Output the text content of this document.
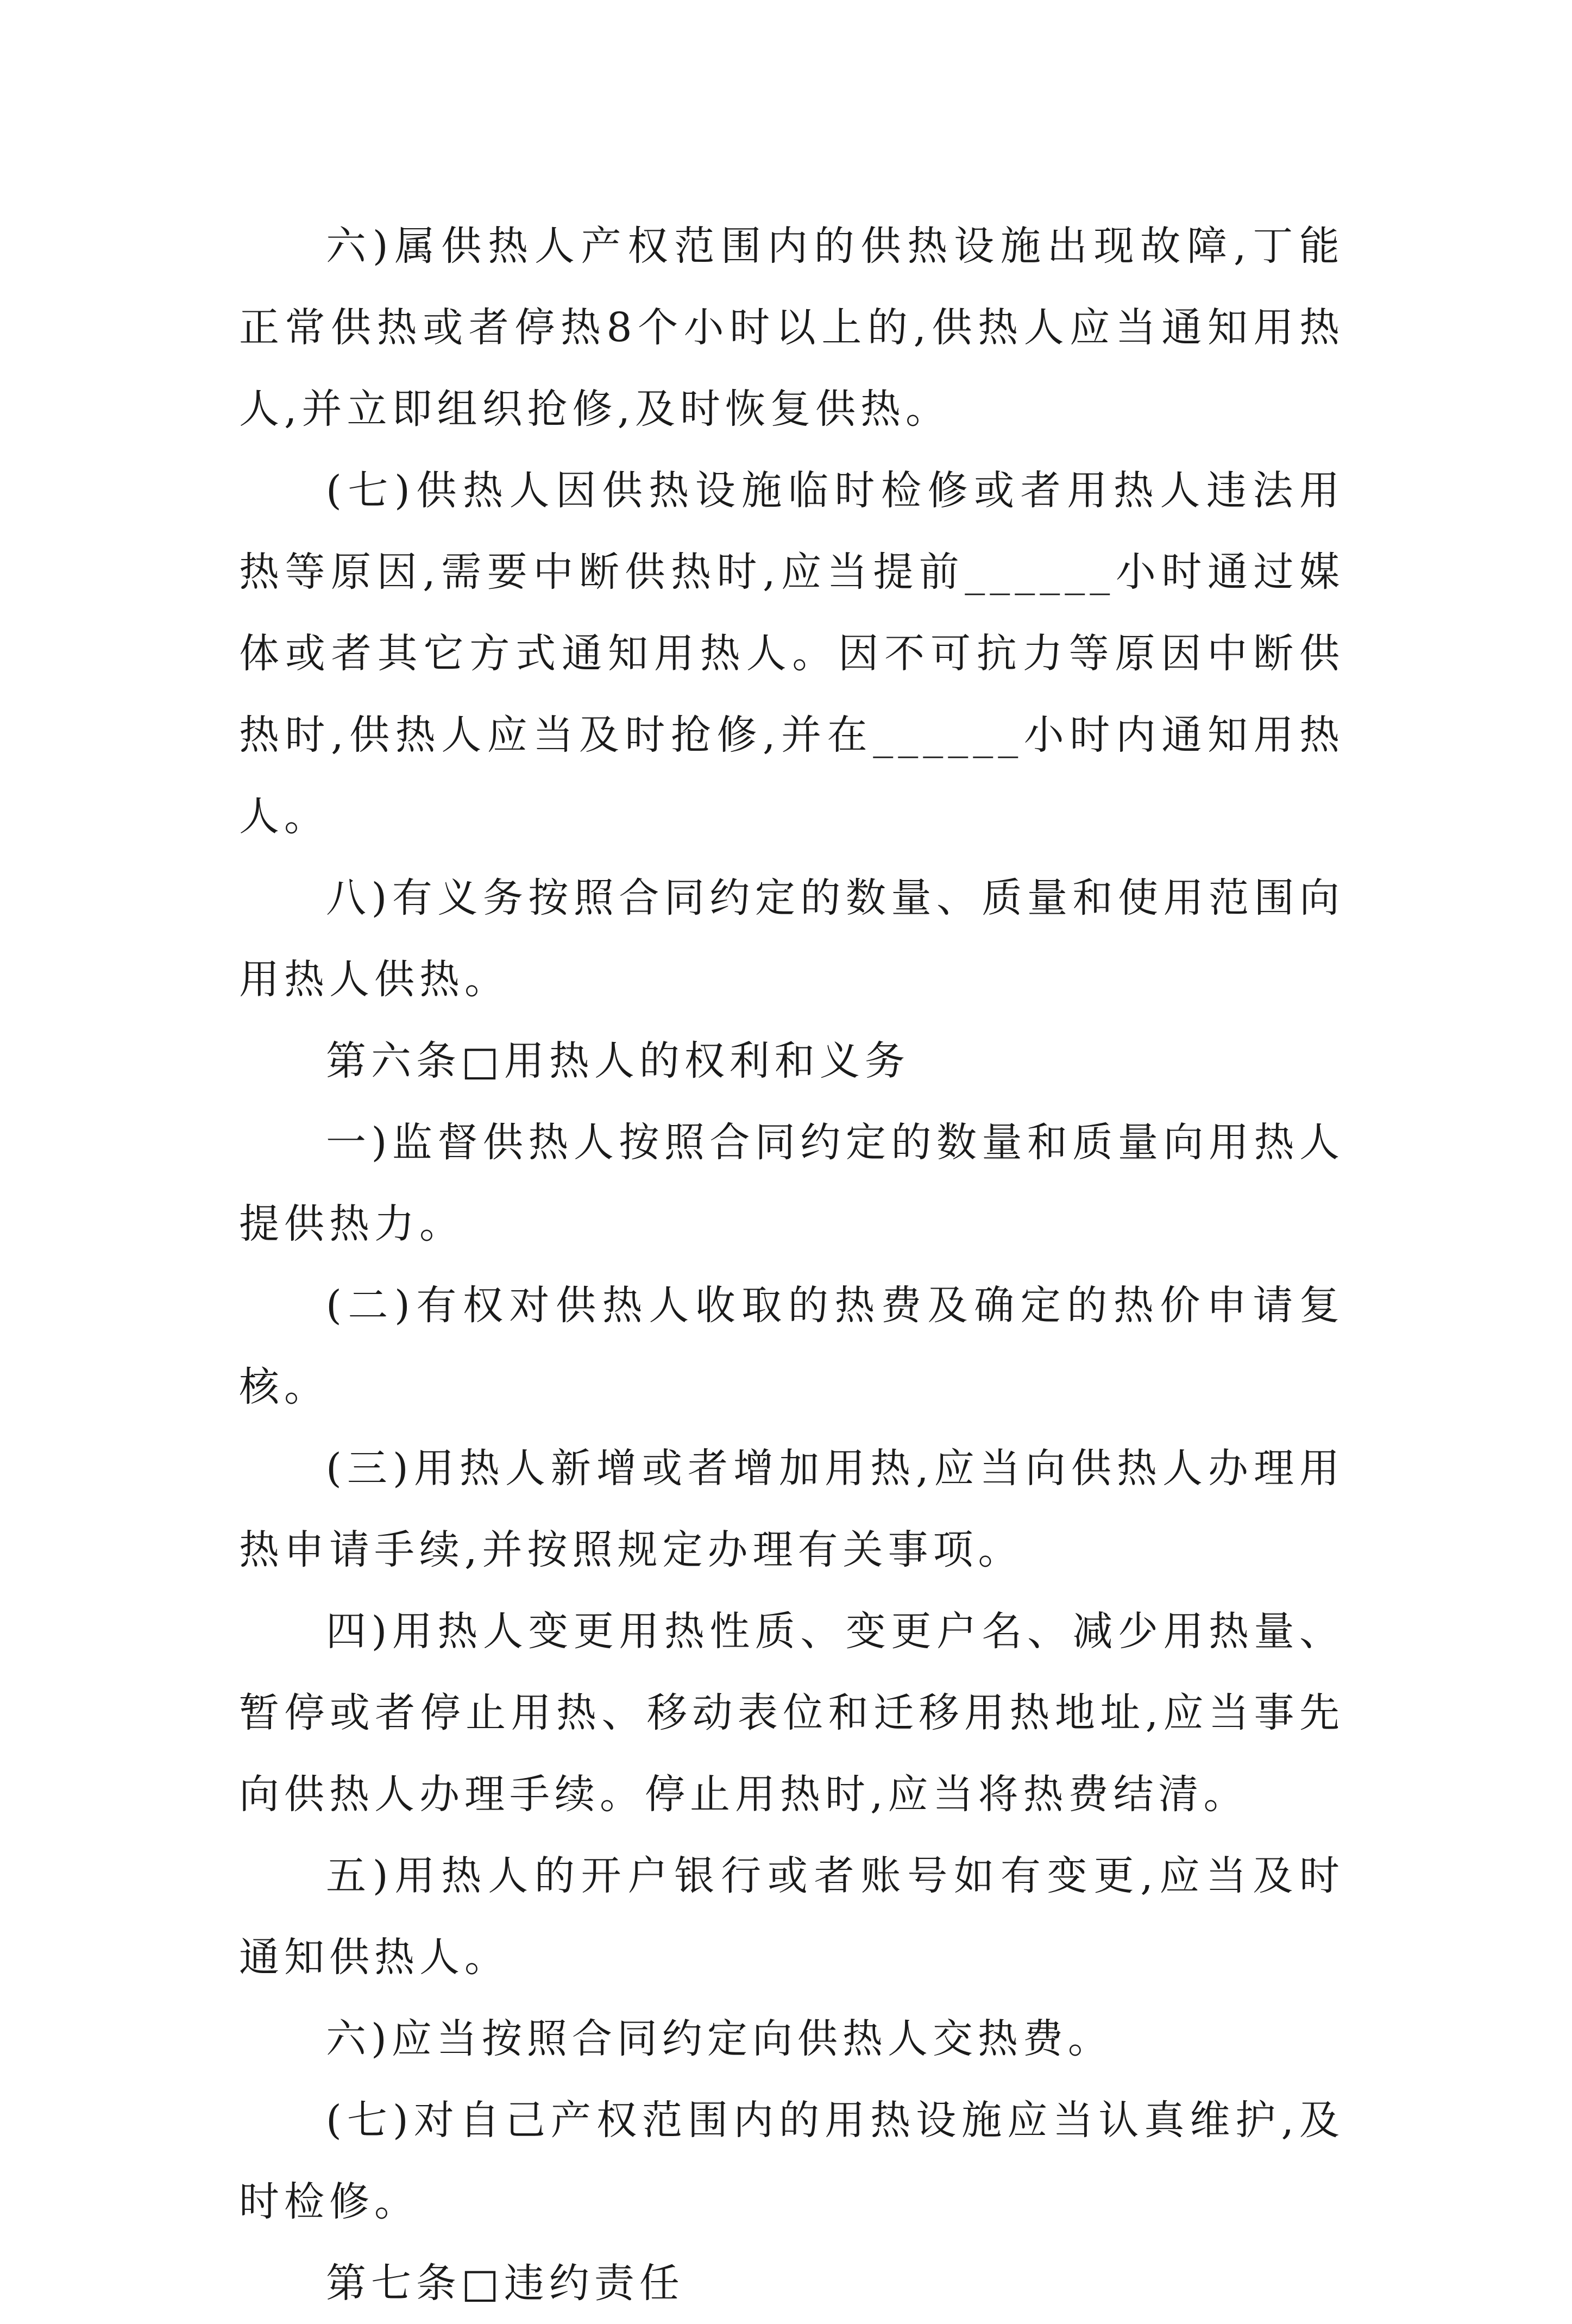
六)属供热人产权范围内的供热设施出现故障,丁能正常供热或者停热8个小时以上的,供热人应当通知用热人,并立即组织抢修,及时恢复供热。

(七)供热人因供热设施临时检修或者用热人违法用热等原因,需要中断供热时,应当提前______小时通过媒体或者其它方式通知用热人。因不可抗力等原因中断供热时,供热人应当及时抢修,并在______小时内通知用热人。

八)有义务按照合同约定的数量、质量和使用范围向用热人供热。

第六条□用热人的权利和义务

一)监督供热人按照合同约定的数量和质量向用热人提供热力。

(二)有权对供热人收取的热费及确定的热价申请复核。

(三)用热人新增或者增加用热,应当向供热人办理用热申请手续,并按照规定办理有关事项。

四)用热人变更用热性质、变更户名、减少用热量、暂停或者停止用热、移动表位和迁移用热地址,应当事先向供热人办理手续。停止用热时,应当将热费结清。

五)用热人的开户银行或者账号如有变更,应当及时通知供热人。

六)应当按照合同约定向供热人交热费。

(七)对自己产权范围内的用热设施应当认真维护,及时检修。

第七条□违约责任
